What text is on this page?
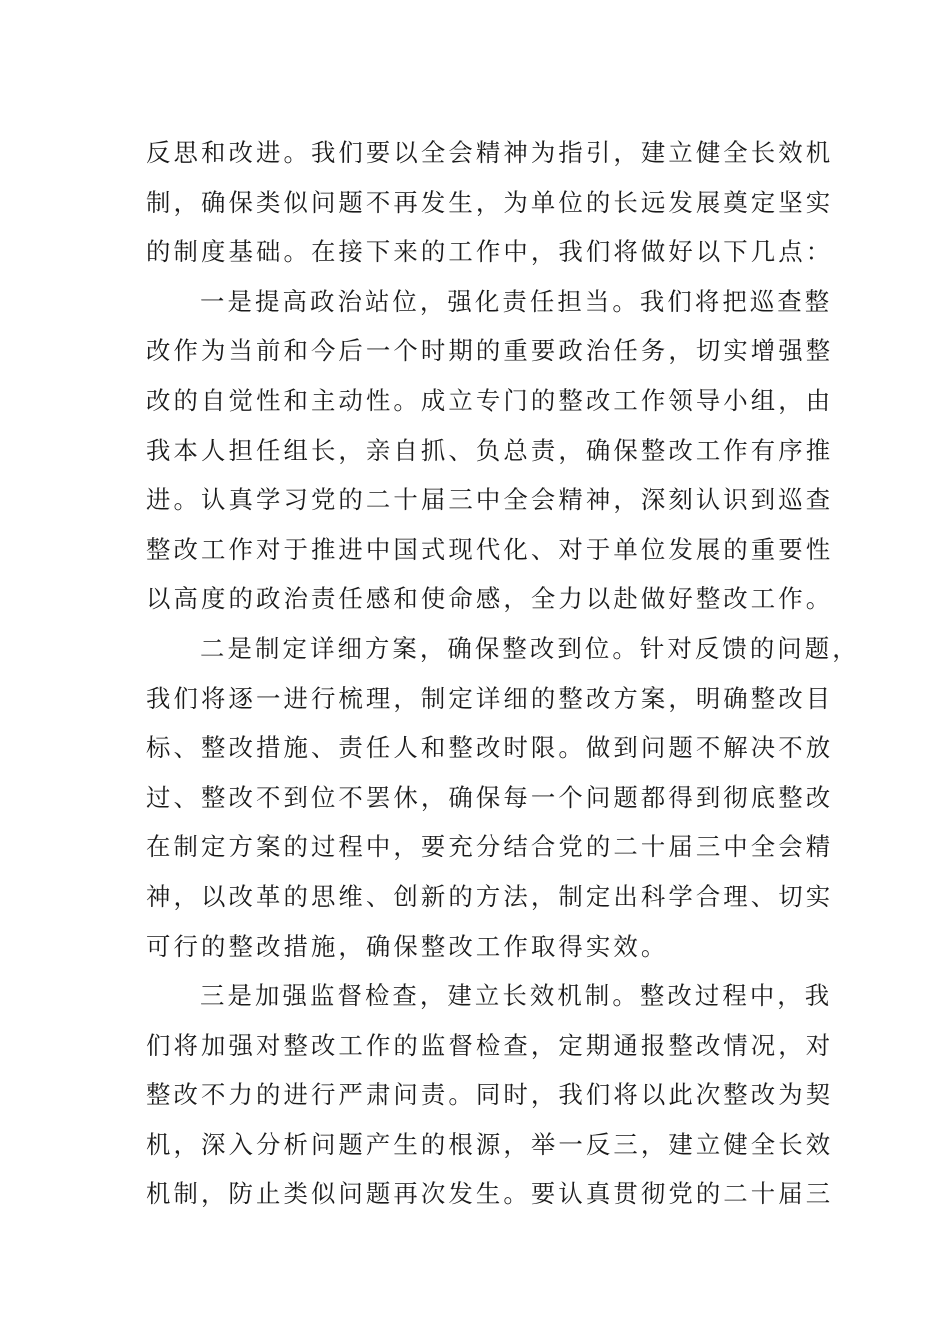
反思和改进。我们要以全会精神为指引，建立健全长效机
制，确保类似问题不再发生，为单位的长远发展奠定坚实
的制度基础。在接下来的工作中，我们将做好以下几点：
一是提高政治站位，强化责任担当。我们将把巡查整
改作为当前和今后一个时期的重要政治任务，切实增强整
改的自觉性和主动性。成立专门的整改工作领导小组，由
我本人担任组长，亲自抓、负总责，确保整改工作有序推
进。认真学习党的二十届三中全会精神，深刻认识到巡查
整改工作对于推进中国式现代化、对于单位发展的重要性
以高度的政治责任感和使命感，全力以赴做好整改工作。
二是制定详细方案，确保整改到位。针对反馈的问题，
我们将逐一进行梳理，制定详细的整改方案，明确整改目
标、整改措施、责任人和整改时限。做到问题不解决不放
过、整改不到位不罢休，确保每一个问题都得到彻底整改
在制定方案的过程中，要充分结合党的二十届三中全会精
神，以改革的思维、创新的方法，制定出科学合理、切实
可行的整改措施，确保整改工作取得实效。
三是加强监督检查，建立长效机制。整改过程中，我
们将加强对整改工作的监督检查，定期通报整改情况，对
整改不力的进行严肃问责。同时，我们将以此次整改为契
机，深入分析问题产生的根源，举一反三，建立健全长效
机制，防止类似问题再次发生。要认真贯彻党的二十届三
